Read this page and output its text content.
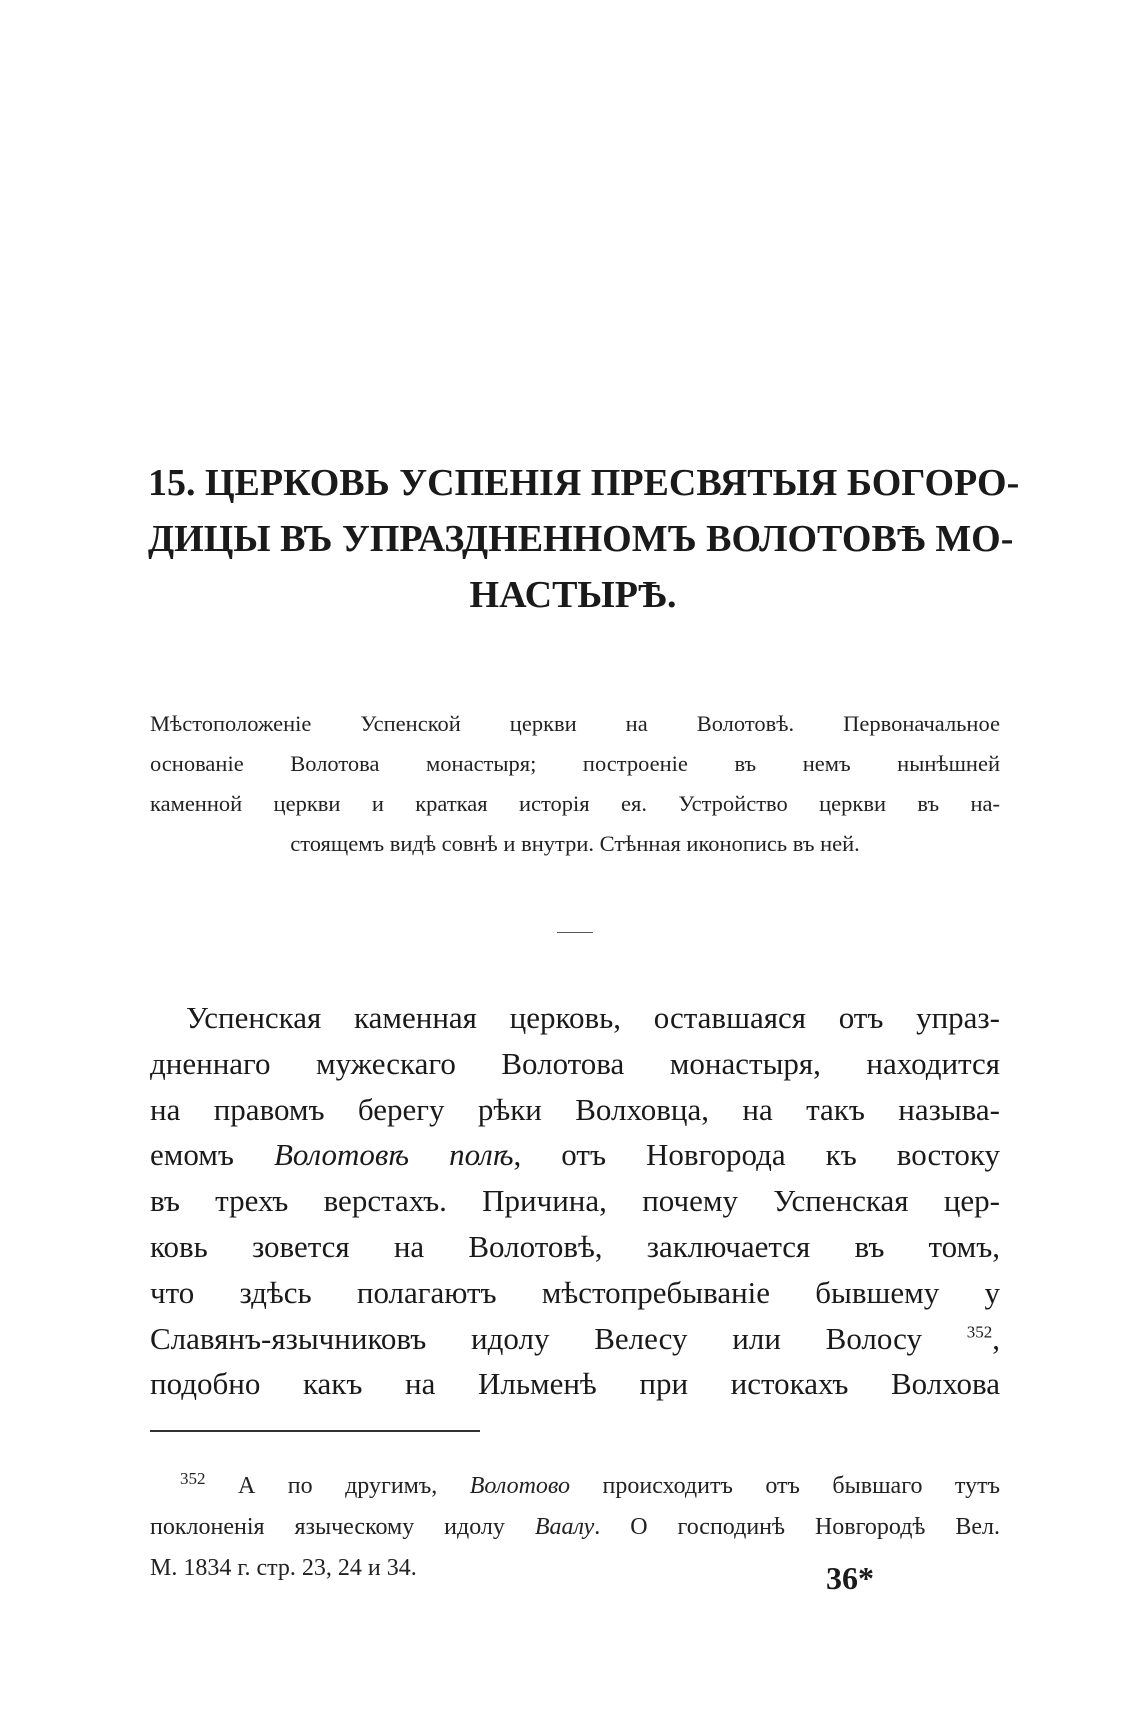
15. ЦЕРКОВЬ УСПЕНІЯ ПРЕСВЯТЫЯ БОГОРО-
ДИЦЫ ВЪ УПРАЗДНЕННОМЪ ВОЛОТОВѢ МО-
НАСТЫРѢ.
Мѣстоположеніе Успенской церкви на Волотовѣ. Первоначальное
основаніе Волотова монастыря; построеніе въ немъ нынѣшней
каменной церкви и краткая исторія ея. Устройство церкви въ на-
стоящемъ видѣ совнѣ и внутри. Стѣнная иконопись въ ней.
Успенская каменная церковь, оставшаяся отъ упраз-
дненнаго мужескаго Волотова монастыря, находится
на правомъ берегу рѣки Волховца, на такъ называ-
емомъ Волотовѣ полѣ, отъ Новгорода къ востоку
въ трехъ верстахъ. Причина, почему Успенская цер-
ковь зовется на Волотовѣ, заключается въ томъ,
что здѣсь полагаютъ мѣстопребываніе бывшему у
Славянъ-язычниковъ идолу Велесу или Волосу $^{352}$,
подобно какъ на Ильменѣ при истокахъ Волхова
$^{352}$ А по другимъ, Волотово происходитъ отъ бывшаго тутъ
поклоненія языческому идолу Ваалу. О господинѣ Новгородѣ Вел.
М. 1834 г. стр. 23, 24 и 34.	36*
